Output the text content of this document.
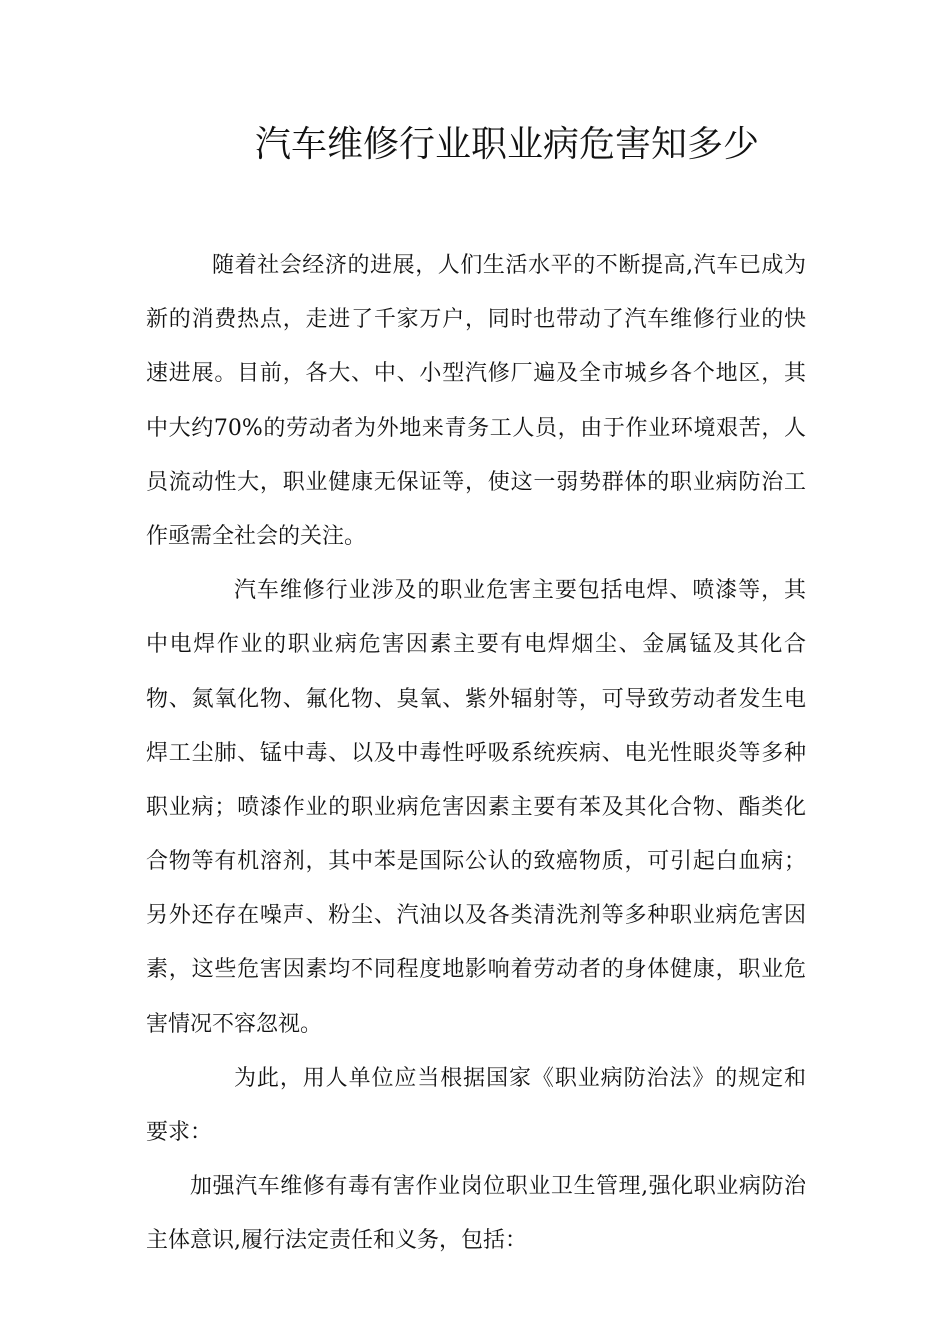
汽车维修行业职业病危害知多少
随着社会经济的进展，人们生活水平的不断提高,汽车已成为
新的消费热点，走进了千家万户，同时也带动了汽车维修行业的快
速进展。目前，各大、中、小型汽修厂遍及全市城乡各个地区，其
中大约70%的劳动者为外地来青务工人员，由于作业环境艰苦，人
员流动性大，职业健康无保证等，使这一弱势群体的职业病防治工
作亟需全社会的关注。
汽车维修行业涉及的职业危害主要包括电焊、喷漆等，其
中电焊作业的职业病危害因素主要有电焊烟尘、金属锰及其化合
物、氮氧化物、氟化物、臭氧、紫外辐射等，可导致劳动者发生电
焊工尘肺、锰中毒、以及中毒性呼吸系统疾病、电光性眼炎等多种
职业病；喷漆作业的职业病危害因素主要有苯及其化合物、酯类化
合物等有机溶剂，其中苯是国际公认的致癌物质，可引起白血病；
另外还存在噪声、粉尘、汽油以及各类清洗剂等多种职业病危害因
素，这些危害因素均不同程度地影响着劳动者的身体健康，职业危
害情况不容忽视。
为此，用人单位应当根据国家《职业病防治法》的规定和
要求：
加强汽车维修有毒有害作业岗位职业卫生管理,强化职业病防治
主体意识,履行法定责任和义务，包括：
